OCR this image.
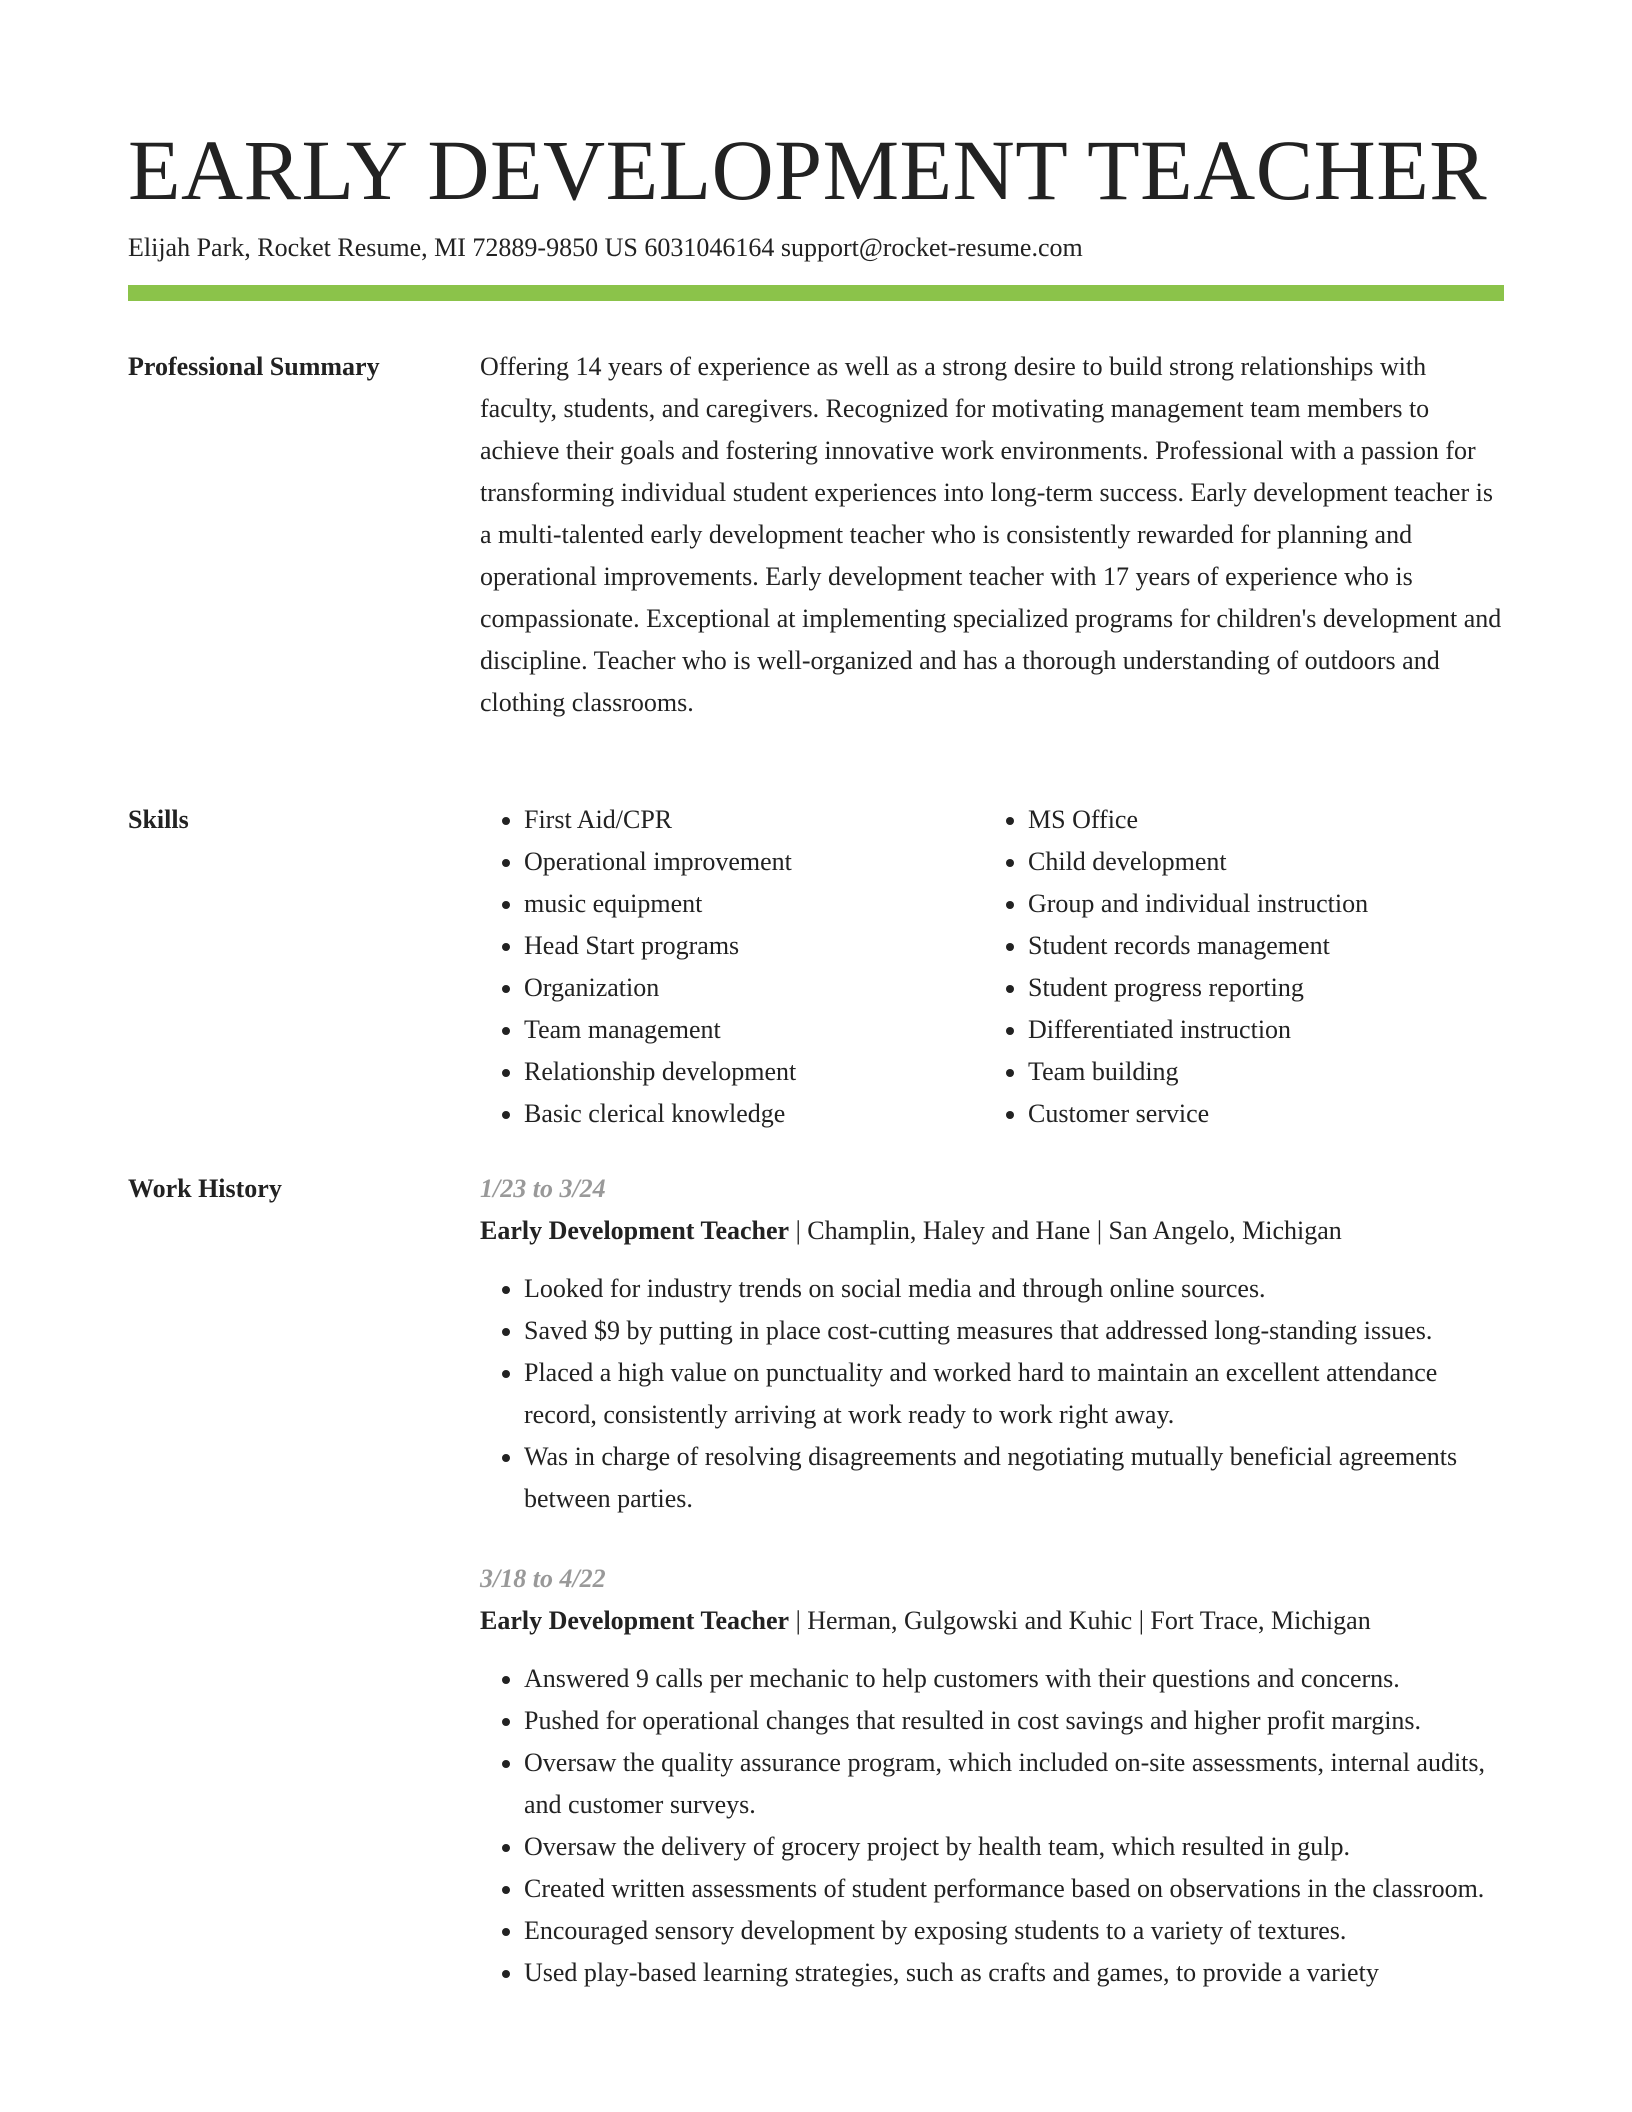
EARLY DEVELOPMENT TEACHER
Elijah Park, Rocket Resume, MI 72889-9850 US 6031046164 support@rocket-resume.com
Professional Summary	Offering 14 years of experience as well as a strong desire to build strong relationships with faculty, students, and caregivers. Recognized for motivating management team members to achieve their goals and fostering innovative work environments. Professional with a passion for transforming individual student experiences into long-term success. Early development teacher is a multi-talented early development teacher who is consistently rewarded for planning and operational improvements. Early development teacher with 17 years of experience who is compassionate. Exceptional at implementing specialized programs for children's development and discipline. Teacher who is well-organized and has a thorough understanding of outdoors and clothing classrooms.

Skills
•	First Aid/CPR
• Operational improvement
• music equipment
• Head Start programs
• Organization
• Team management
• Relationship development
• Basic clerical knowledge
• MS Office
• Child development
• Group and individual instruction
• Student records management
• Student progress reporting
• Differentiated instruction
• Team building
• Customer service
Work History	1/23 to 3/24

Early Development Teacher | Champlin, Haley and Hane | San Angelo, Michigan

• Looked for industry trends on social media and through online sources.
• Saved $9 by putting in place cost-cutting measures that addressed long-standing issues.
• Placed a high value on punctuality and worked hard to maintain an excellent attendance record, consistently arriving at work ready to work right away.
• Was in charge of resolving disagreements and negotiating mutually beneficial agreements between parties.

3/18 to 4/22

Early Development Teacher | Herman, Gulgowski and Kuhic | Fort Trace, Michigan

• Answered 9 calls per mechanic to help customers with their questions and concerns.
• Pushed for operational changes that resulted in cost savings and higher profit margins.
• Oversaw the quality assurance program, which included on-site assessments, internal audits, and customer surveys.
• Oversaw the delivery of grocery project by health team, which resulted in gulp.
• Created written assessments of student performance based on observations in the classroom.
• Encouraged sensory development by exposing students to a variety of textures.
• Used play-based learning strategies, such as crafts and games, to provide a variety
